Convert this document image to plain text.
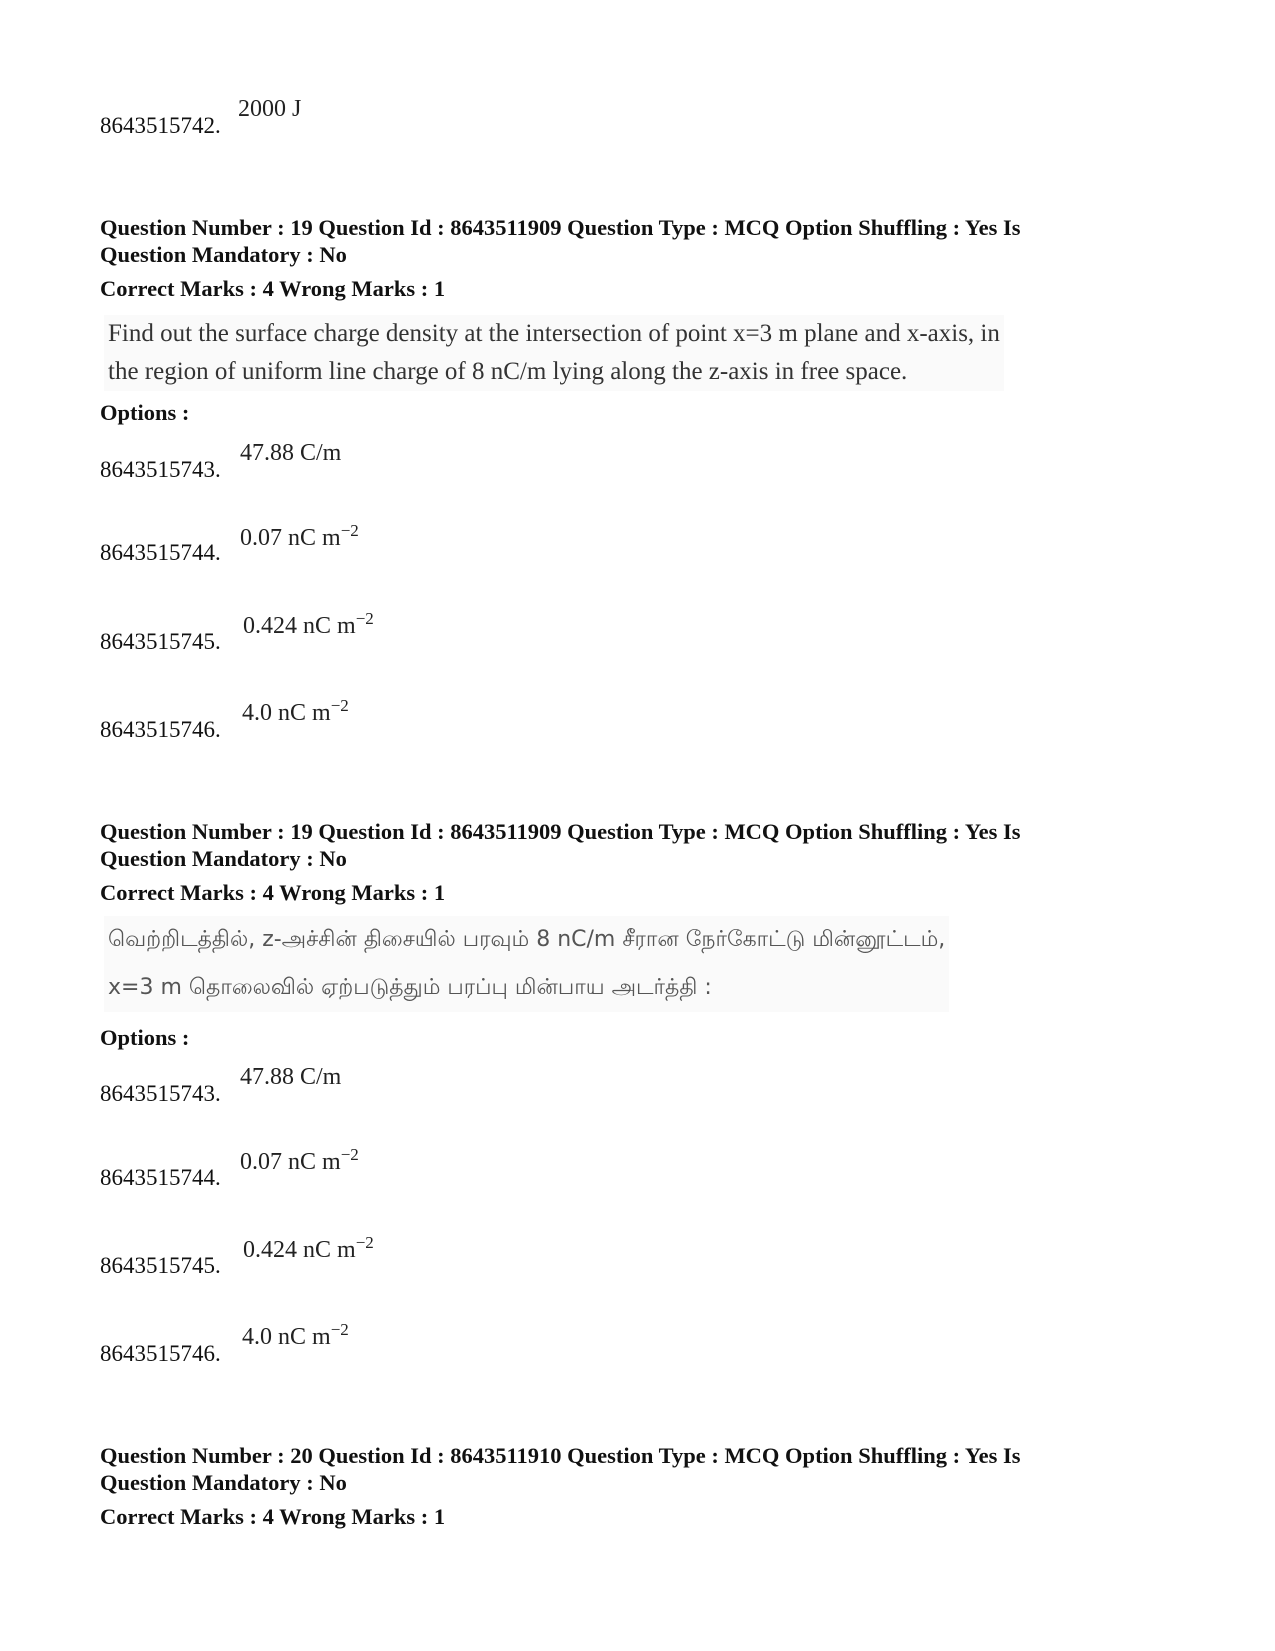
8643515742.
2000 J
Question Number : 19 Question Id : 8643511909 Question Type : MCQ Option Shuffling : Yes Is
Question Mandatory : No
Correct Marks : 4 Wrong Marks : 1
Find out the surface charge density at the intersection of point x=3 m plane and x-axis, in
the region of uniform line charge of 8 nC/m lying along the z-axis in free space.
Options :
8643515743.
47.88 C/m
8643515744.
0.07 nC $m^{-2}$
8643515745.
0.424 nC $m^{-2}$
8643515746.
4.0 nC $m^{-2}$
Question Number : 19 Question Id : 8643511909 Question Type : MCQ Option Shuffling : Yes Is
Question Mandatory : No
Correct Marks : 4 Wrong Marks : 1
வெற்றிடத்தில், z-அச்சின் திசையில் பரவும் 8 nC/m சீரான நேர்கோட்டு மின்னூட்டம்,
x=3 m தொலைவில் ஏற்படுத்தும் பரப்பு மின்பாய அடர்த்தி :
Options :
8643515743.
47.88 C/m
8643515744.
0.07 nC $m^{-2}$
8643515745.
0.424 nC $m^{-2}$
8643515746.
4.0 nC $m^{-2}$
Question Number : 20 Question Id : 8643511910 Question Type : MCQ Option Shuffling : Yes Is
Question Mandatory : No
Correct Marks : 4 Wrong Marks : 1
